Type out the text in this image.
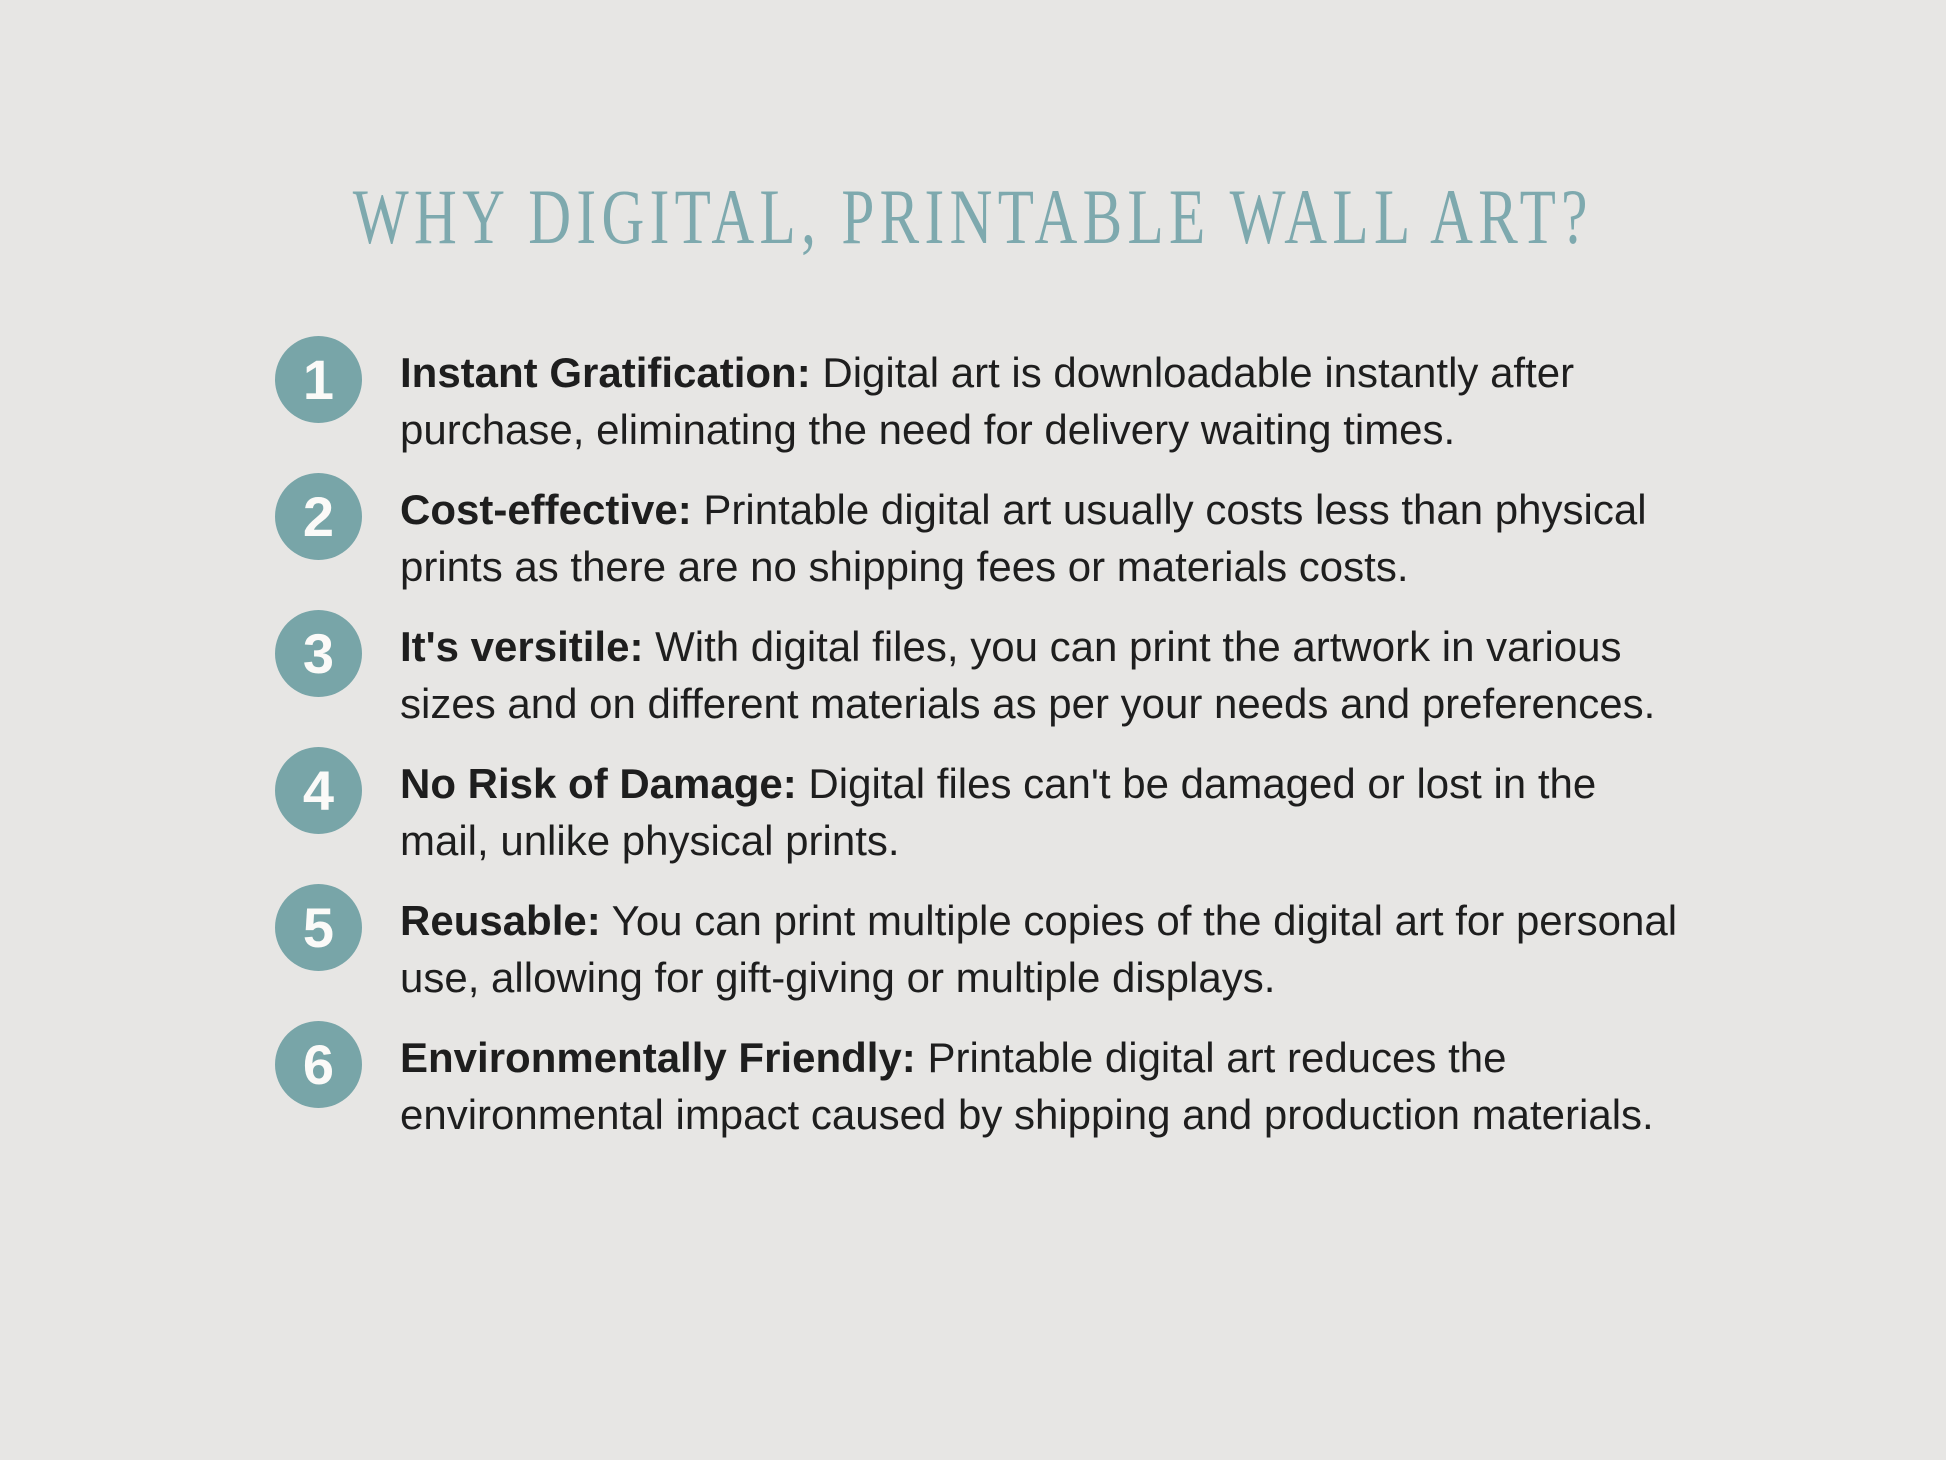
WHY DIGITAL, PRINTABLE WALL ART?
1 Instant Gratification: Digital art is downloadable instantly after purchase, eliminating the need for delivery waiting times.

2 Cost-effective: Printable digital art usually costs less than physical prints as there are no shipping fees or materials costs.

3 It's versitile: With digital files, you can print the artwork in various sizes and on different materials as per your needs and preferences.

4 No Risk of Damage: Digital files can't be damaged or lost in the mail, unlike physical prints.

5 Reusable: You can print multiple copies of the digital art for personal use, allowing for gift-giving or multiple displays.

6 Environmentally Friendly: Printable digital art reduces the environmental impact caused by shipping and production materials.
